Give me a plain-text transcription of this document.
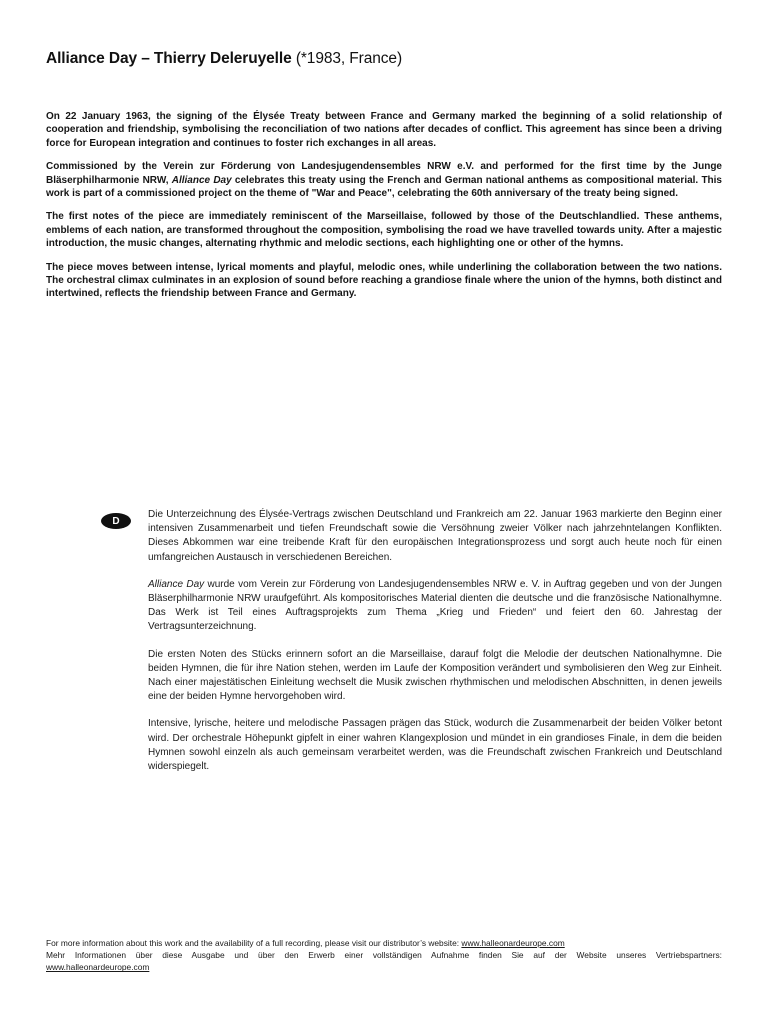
Alliance Day – Thierry Deleruyelle (*1983, France)

On 22 January 1963, the signing of the Élysée Treaty between France and Germany marked the beginning of a solid relationship of cooperation and friendship, symbolising the reconciliation of two nations after decades of conflict. This agreement has since been a driving force for European integration and continues to foster rich exchanges in all areas.

Commissioned by the Verein zur Förderung von Landesjugendensembles NRW e.V. and performed for the first time by the Junge Bläserphilharmonie NRW, Alliance Day celebrates this treaty using the French and German national anthems as compositional material. This work is part of a commissioned project on the theme of "War and Peace", celebrating the 60th anniversary of the treaty being signed.

The first notes of the piece are immediately reminiscent of the Marseillaise, followed by those of the Deutschlandlied. These anthems, emblems of each nation, are transformed throughout the composition, symbolising the road we have travelled towards unity. After a majestic introduction, the music changes, alternating rhythmic and melodic sections, each highlighting one or other of the hymns.

The piece moves between intense, lyrical moments and playful, melodic ones, while underlining the collaboration between the two nations. The orchestral climax culminates in an explosion of sound before reaching a grandiose finale where the union of the hymns, both distinct and intertwined, reflects the friendship between France and Germany.

D

Die Unterzeichnung des Élysée-Vertrags zwischen Deutschland und Frankreich am 22. Januar 1963 markierte den Beginn einer intensiven Zusammenarbeit und tiefen Freundschaft sowie die Versöhnung zweier Völker nach jahrzehntelangen Konflikten. Dieses Abkommen war eine treibende Kraft für den europäischen Integrationsprozess und sorgt auch heute noch für einen umfangreichen Austausch in verschiedenen Bereichen.

Alliance Day wurde vom Verein zur Förderung von Landesjugendensembles NRW e. V. in Auftrag gegeben und von der Jungen Bläserphilharmonie NRW uraufgeführt. Als kompositorisches Material dienten die deutsche und die französische Nationalhymne. Das Werk ist Teil eines Auftragsprojekts zum Thema „Krieg und Frieden“ und feiert den 60. Jahrestag der Vertragsunterzeichnung.

Die ersten Noten des Stücks erinnern sofort an die Marseillaise, darauf folgt die Melodie der deutschen Nationalhymne. Die beiden Hymnen, die für ihre Nation stehen, werden im Laufe der Komposition verändert und symbolisieren den Weg zur Einheit. Nach einer majestätischen Einleitung wechselt die Musik zwischen rhythmischen und melodischen Abschnitten, in denen jeweils eine der beiden Hymne hervorgehoben wird.

Intensive, lyrische, heitere und melodische Passagen prägen das Stück, wodurch die Zusammenarbeit der beiden Völker betont wird. Der orchestrale Höhepunkt gipfelt in einer wahren Klangexplosion und mündet in ein grandioses Finale, in dem die beiden Hymnen sowohl einzeln als auch gemeinsam verarbeitet werden, was die Freundschaft zwischen Frankreich und Deutschland widerspiegelt.

For more information about this work and the availability of a full recording, please visit our distributor’s website: www.halleonardeurope.com
Mehr Informationen über diese Ausgabe und über den Erwerb einer vollständigen Aufnahme finden Sie auf der Website unseres Vertriebspartners:
www.halleonardeurope.com
